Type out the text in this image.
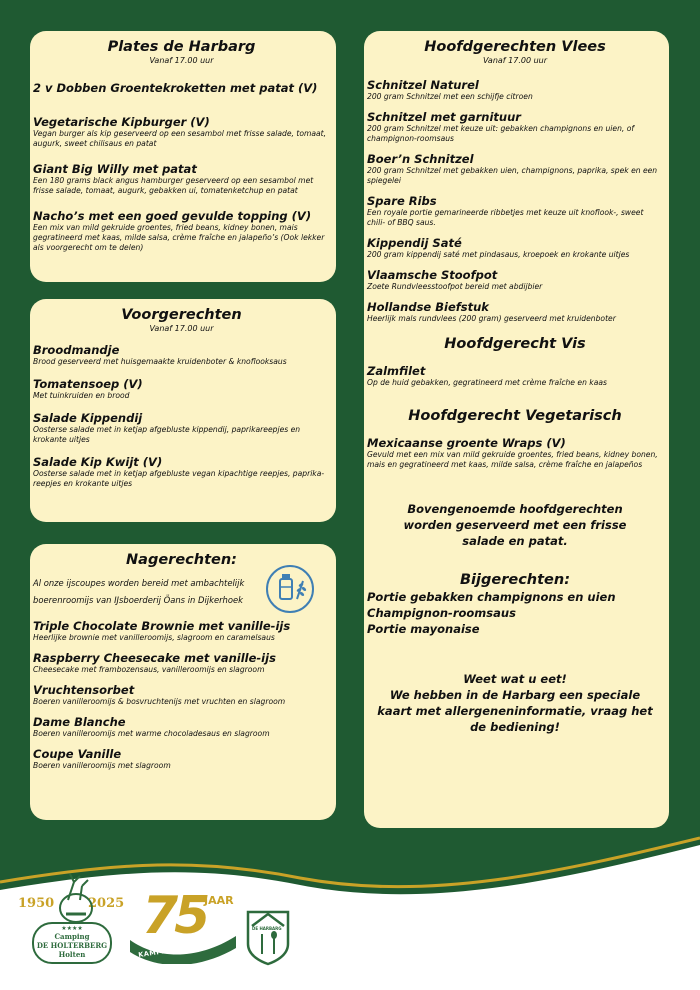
Plates de Harbarg
Vanaf 17.00 uur
2 v Dobben Groentekroketten met patat (V)
Vegetarische Kipburger (V)
Vegan burger als kip geserveerd op een sesambol met frisse salade, tomaat, augurk, sweet chilisaus en patat
Giant Big Willy met patat
Een 180 grams black angus hamburger geserveerd op een sesambol met frisse salade, tomaat, augurk, gebakken ui, tomatenketchup en patat
Nacho’s met een goed gevulde topping (V)
Een mix van mild gekruide groentes, fried beans, kidney bonen, mais gegratineerd met kaas, milde salsa, crème fraîche en jalapeño’s (Ook lekker als voorgerecht om te delen)
Voorgerechten
Vanaf 17.00 uur
Broodmandje
Brood geserveerd met huisgemaakte kruidenboter & knoflooksaus
Tomatensoep (V)
Met tuinkruiden en brood
Salade Kippendij
Oosterse salade met in ketjap afgebluste kippendij, paprikareepjes en krokante uitjes
Salade Kip Kwijt (V)
Oosterse salade met in ketjap afgebluste vegan kipachtige reepjes, paprika-reepjes en krokante uitjes
Nagerechten:
Al onze ijscoupes worden bereid met ambachtelijk boerenroomijs van IJsboerderij Öans in Dijkerhoek
Triple Chocolate Brownie met vanille-ijs
Heerlijke brownie met vanilleroomijs, slagroom en caramelsaus
Raspberry Cheesecake met vanille-ijs
Cheesecake met frambozensaus, vanilleroomijs en slagroom
Vruchtensorbet
Boeren vanilleroomijs & bosvruchtenijs met vruchten en slagroom
Dame Blanche
Boeren vanilleroomijs met warme chocoladesaus en slagroom
Coupe Vanille
Boeren vanilleroomijs met slagroom
Hoofdgerechten Vlees
Vanaf 17.00 uur
Schnitzel Naturel
200 gram Schnitzel met een schijfje citroen
Schnitzel met garnituur
200 gram Schnitzel met keuze uit: gebakken champignons en uien, of champignon-roomsaus
Boer’n Schnitzel
200 gram Schnitzel met gebakken uien, champignons, paprika, spek en een spiegelei
Spare Ribs
Een royale portie gemarineerde ribbetjes met keuze uit knoflook-, sweet chili- of BBQ saus.
Kippendij Saté
200 gram kippendij saté met pindasaus, kroepoek en krokante uitjes
Vlaamsche Stoofpot
Zoete Rundvleesstoofpot bereid met abdijbier
Hollandse Biefstuk
Heerlijk mals rundvlees (200 gram) geserveerd met kruidenboter
Hoofdgerecht Vis
Zalmfilet
Op de huid gebakken, gegratineerd met crème fraîche en kaas
Hoofdgerecht Vegetarisch
Mexicaanse groente Wraps (V)
Gevuld met een mix van mild gekruide groentes, fried beans, kidney bonen, mais en gegratineerd met kaas, milde salsa, crème fraîche en jalapeños
Bovengenoemde hoofdgerechten worden geserveerd met een frisse salade en patat.
Bijgerechten:
Portie gebakken champignons en uien
Champignon-roomsaus
Portie mayonaise
Weet wat u eet!
We hebben in de Harbarg een speciale kaart met allergeneninformatie, vraag het de bediening!
1950	2025
★★★★
Camping
DE HOLTERBERG
Holten
75
JAAR
KAMPEERPLEZIER
DE HARBARG
